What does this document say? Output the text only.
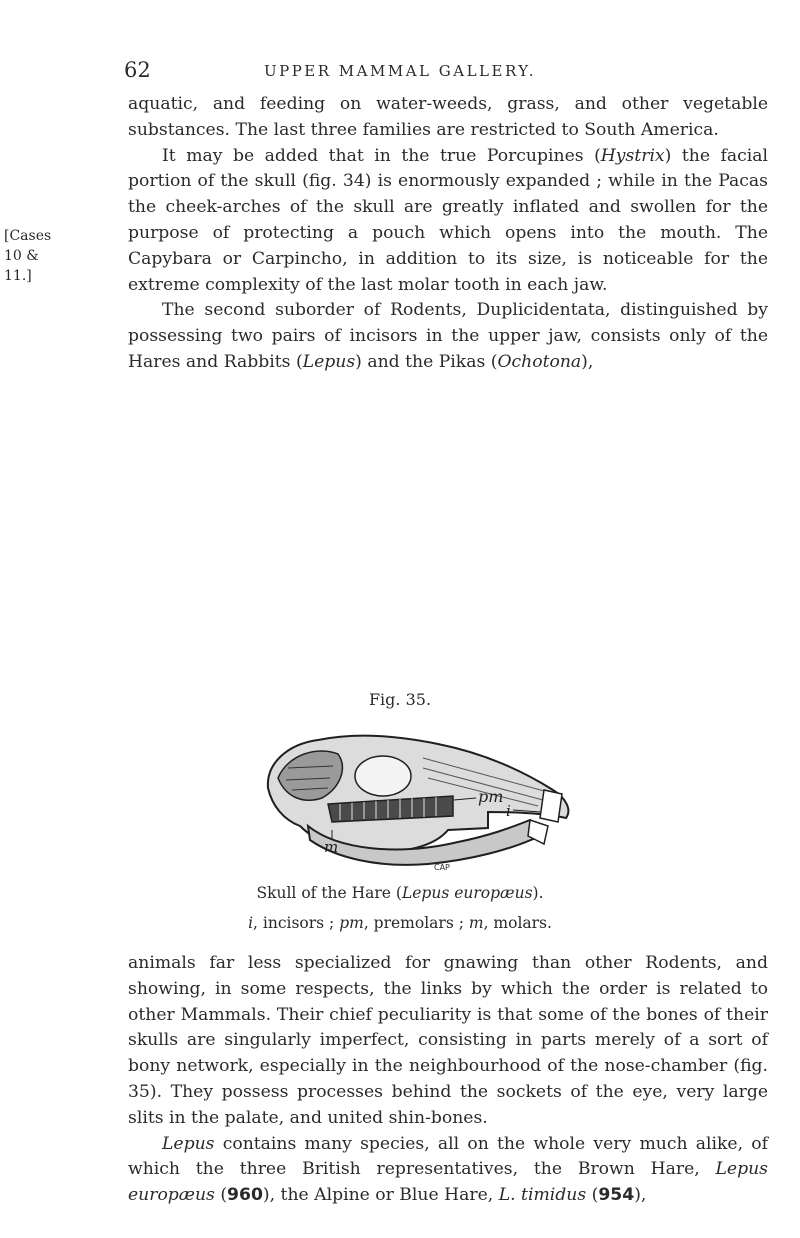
62	UPPER MAMMAL GALLERY.
[Cases
10 & 11.]

aquatic, and feeding on water-weeds, grass, and other vegetable substances. The last three families are restricted to South America.

It may be added that in the true Porcupines (Hystrix) the facial portion of the skull (fig. 34) is enormously expanded ; while in the Pacas the cheek-arches of the skull are greatly inflated and swollen for the purpose of protecting a pouch which opens into the mouth. The Capybara or Carpincho, in addition to its size, is noticeable for the extreme complexity of the last molar tooth in each jaw.

The second suborder of Rodents, Duplicidentata, distinguished by possessing two pairs of incisors in the upper jaw, consists only of the Hares and Rabbits (Lepus) and the Pikas (Ochotona),

Fig. 35.
pm
i
m
CAP
Skull of the Hare (Lepus europæus).
i, incisors ; pm, premolars ; m, molars.

animals far less specialized for gnawing than other Rodents, and showing, in some respects, the links by which the order is related to other Mammals. Their chief peculiarity is that some of the bones of their skulls are singularly imperfect, consisting in parts merely of a sort of bony network, especially in the neighbourhood of the nose-chamber (fig. 35). They possess processes behind the sockets of the eye, very large slits in the palate, and united shin-bones.

Lepus contains many species, all on the whole very much alike, of which the three British representatives, the Brown Hare, Lepus europæus (960), the Alpine or Blue Hare, L. timidus (954),
